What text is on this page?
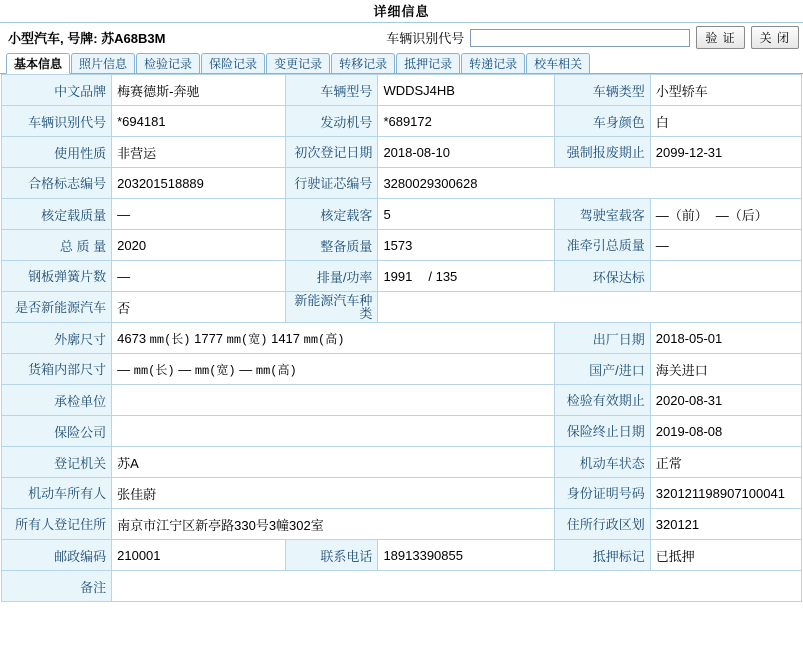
详细信息
小型汽车, 号牌: 苏A68B3M	车辆识别代号	验 证	关 闭
基本信息	照片信息	检验记录	保险记录	变更记录	转移记录	抵押记录	转递记录	校车相关
中文品牌	梅赛德斯-奔驰	车辆型号	WDDSJ4HB	车辆类型	小型轿车
车辆识别代号	*694181	发动机号	*689172	车身颜色	白
使用性质	非营运	初次登记日期	2018-08-10	强制报废期止	2099-12-31
合格标志编号	203201518889	行驶证芯编号	3280029300628		
核定载质量	—	核定载客	5	驾驶室载客	—（前） —（后）
总 质 量	2020	整备质量	1573	准牵引总质量	—
钢板弹簧片数	—	排量/功率	1991 / 135	环保达标	
是否新能源汽车	否	新能源汽车种类			
外廓尺寸	4673 mm(长) 1777 mm(宽) 1417 mm(高)			出厂日期	2018-05-01
货箱内部尺寸	— mm(长) — mm(宽) — mm(高)			国产/进口	海关进口
承检单位				检验有效期止	2020-08-31
保险公司				保险终止日期	2019-08-08
登记机关	苏A			机动车状态	正常
机动车所有人	张佳蔚			身份证明号码	320121198907100041
所有人登记住所	南京市江宁区新亭路330号3幢302室			住所行政区划	320121
邮政编码	210001	联系电话	18913390855	抵押标记	已抵押
备注					
